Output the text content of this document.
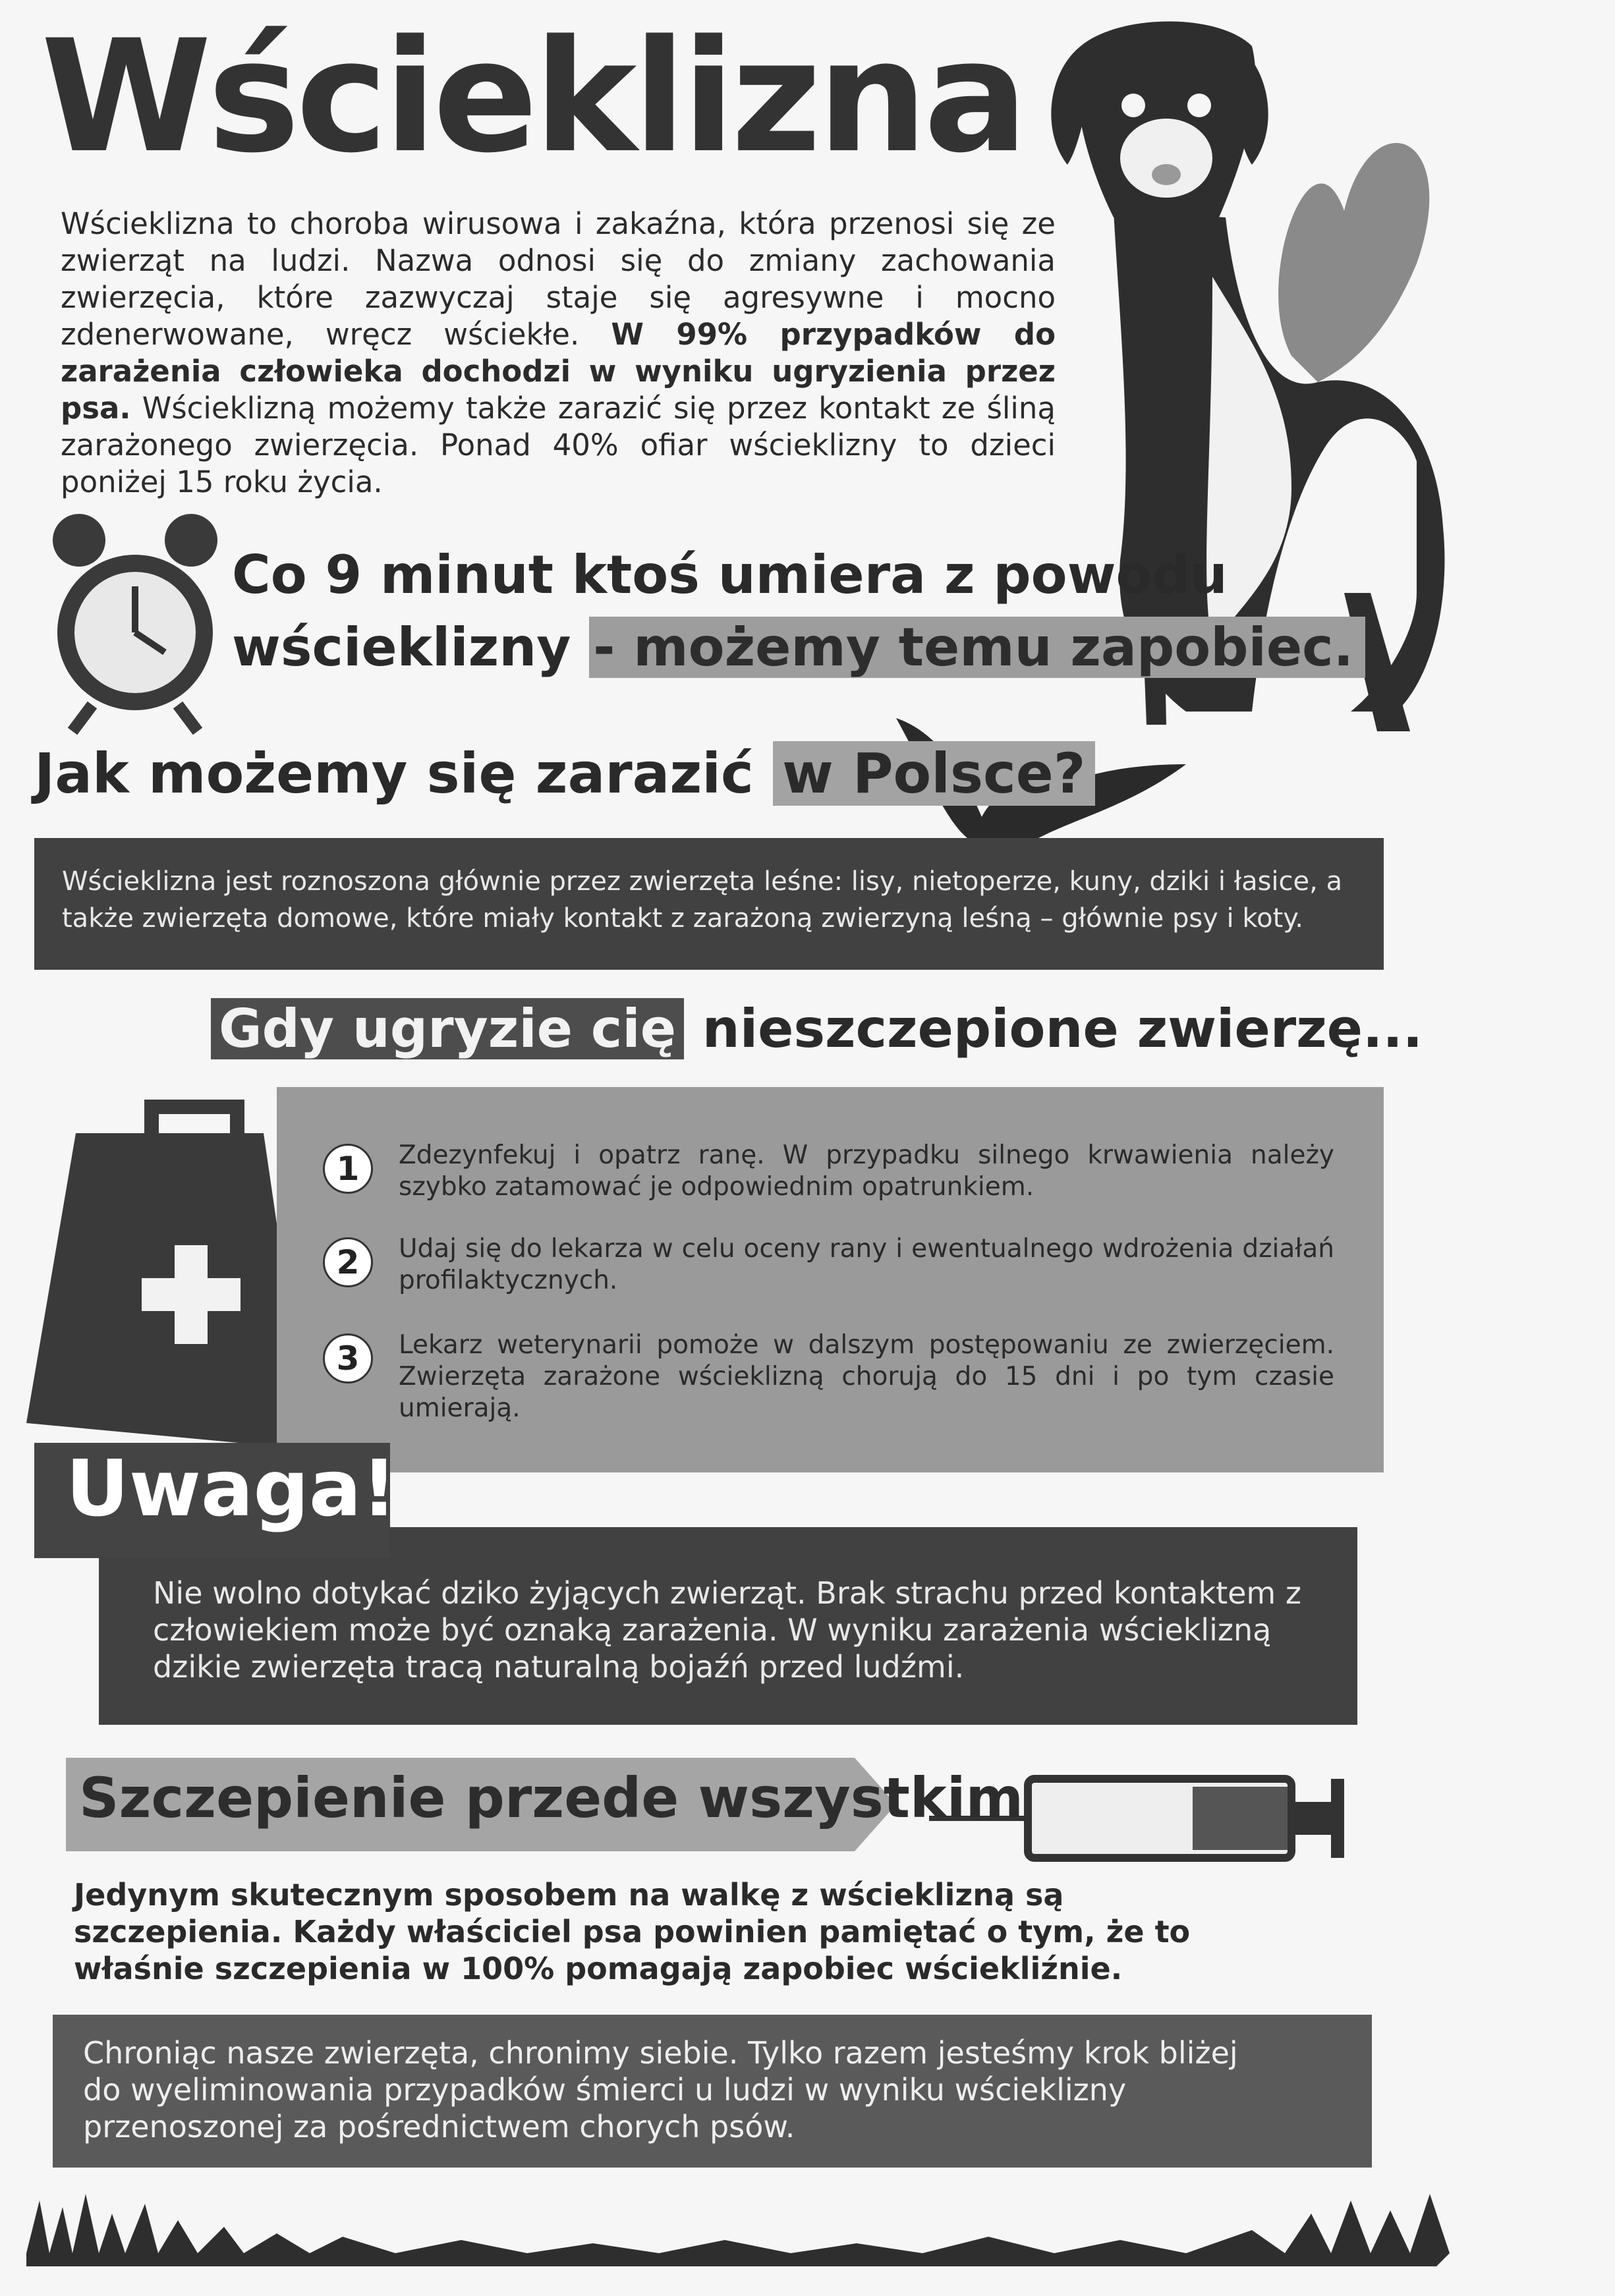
Wścieklizna
Wścieklizna to choroba wirusowa i zakaźna, która przenosi się ze zwierząt na ludzi. Nazwa odnosi się do zmiany zachowania zwierzęcia, które zazwyczaj staje się agresywne i mocno zdenerwowane, wręcz wściekłe. W 99% przypadków do zarażenia człowieka dochodzi w wyniku ugryzienia przez psa. Wścieklizną możemy także zarazić się przez kontakt ze śliną zarażonego zwierzęcia. Ponad 40% ofiar wścieklizny to dzieci poniżej 15 roku życia.
Co 9 minut ktoś umiera z powodu
wścieklizny - możemy temu zapobiec.
Jak możemy się zarazić w Polsce?
Wścieklizna jest roznoszona głównie przez zwierzęta leśne: lisy, nietoperze, kuny, dziki i łasice, a także zwierzęta domowe, które miały kontakt z zarażoną zwierzyną leśną – głównie psy i koty.
Gdy ugryzie cię nieszczepione zwierzę...
1	Zdezynfekuj i opatrz ranę. W przypadku silnego krwawienia należy szybko zatamować je odpowiednim opatrunkiem.
2	Udaj się do lekarza w celu oceny rany i ewentualnego wdrożenia działań profilaktycznych.
3	Lekarz weterynarii pomoże w dalszym postępowaniu ze zwierzęciem. Zwierzęta zarażone wścieklizną chorują do 15 dni i po tym czasie umierają.
Nie wolno dotykać dziko żyjących zwierząt. Brak strachu przed kontaktem z człowiekiem może być oznaką zarażenia. W wyniku zarażenia wścieklizną dzikie zwierzęta tracą naturalną bojaźń przed ludźmi.
Uwaga!
Szczepienie przede wszystkim
Jedynym skutecznym sposobem na walkę z wścieklizną są szczepienia. Każdy właściciel psa powinien pamiętać o tym, że to właśnie szczepienia w 100% pomagają zapobiec wściekliźnie.
Chroniąc nasze zwierzęta, chronimy siebie. Tylko razem jesteśmy krok bliżej do wyeliminowania przypadków śmierci u ludzi w wyniku wścieklizny przenoszonej za pośrednictwem chorych psów.
